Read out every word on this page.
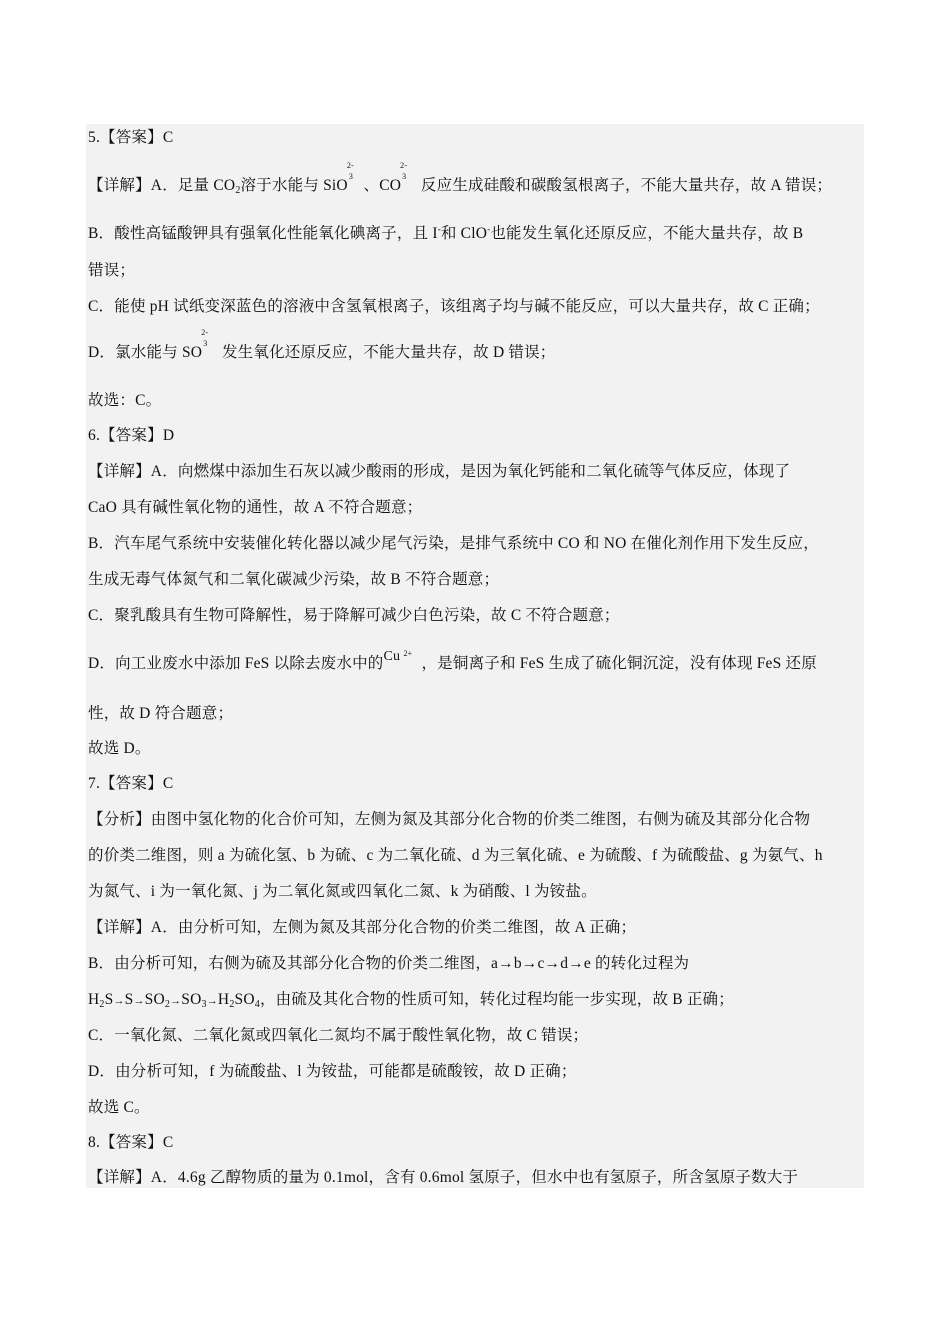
5.【答案】C
【详解】A．足量 CO2溶于水能与 SiO
2-
3
 、CO
2-
3
  反应生成硅酸和碳酸氢根离子，不能大量共存，故 A 错误；
B．酸性高锰酸钾具有强氧化性能氧化碘离子，且 I-和 ClO-也能发生氧化还原反应，不能大量共存，故 B
错误；
C．能使 pH 试纸变深蓝色的溶液中含氢氧根离子，该组离子均与碱不能反应，可以大量共存，故 C 正确；
D．氯水能与 SO
2-
3
  发生氧化还原反应，不能大量共存，故 D 错误；
故选：C。
6.【答案】D
【详解】A．向燃煤中添加生石灰以减少酸雨的形成，是因为氧化钙能和二氧化硫等气体反应，体现了
CaO 具有碱性氧化物的通性，故 A 不符合题意；
B．汽车尾气系统中安装催化转化器以减少尾气污染，是排气系统中 CO 和 NO 在催化剂作用下发生反应，
生成无毒气体氮气和二氧化碳减少污染，故 B 不符合题意；
C．聚乳酸具有生物可降解性，易于降解可减少白色污染，故 C 不符合题意；
D．向工业废水中添加 FeS 以除去废水中的 Cu 2+
，是铜离子和 FeS 生成了硫化铜沉淀，没有体现 FeS 还原
性，故 D 符合题意；
故选 D。
7.【答案】C
【分析】由图中氢化物的化合价可知，左侧为氮及其部分化合物的价类二维图，右侧为硫及其部分化合物
的价类二维图，则 a 为硫化氢、b 为硫、c 为二氧化硫、d 为三氧化硫、e 为硫酸、f 为硫酸盐、g 为氨气、h
为氮气、i 为一氧化氮、j 为二氧化氮或四氧化二氮、k 为硝酸、l 为铵盐。
【详解】A．由分析可知，左侧为氮及其部分化合物的价类二维图，故 A 正确；
B．由分析可知，右侧为硫及其部分化合物的价类二维图，a→b→c→d→e 的转化过程为
H2S→S→SO2→SO3→H2SO4，由硫及其化合物的性质可知，转化过程均能一步实现，故 B 正确；
C．一氧化氮、二氧化氮或四氧化二氮均不属于酸性氧化物，故 C 错误；
D．由分析可知，f 为硫酸盐、l 为铵盐，可能都是硫酸铵，故 D 正确；
故选 C。
8.【答案】C
【详解】A．4.6g 乙醇物质的量为 0.1mol，含有 0.6mol 氢原子，但水中也有氢原子，所含氢原子数大于
